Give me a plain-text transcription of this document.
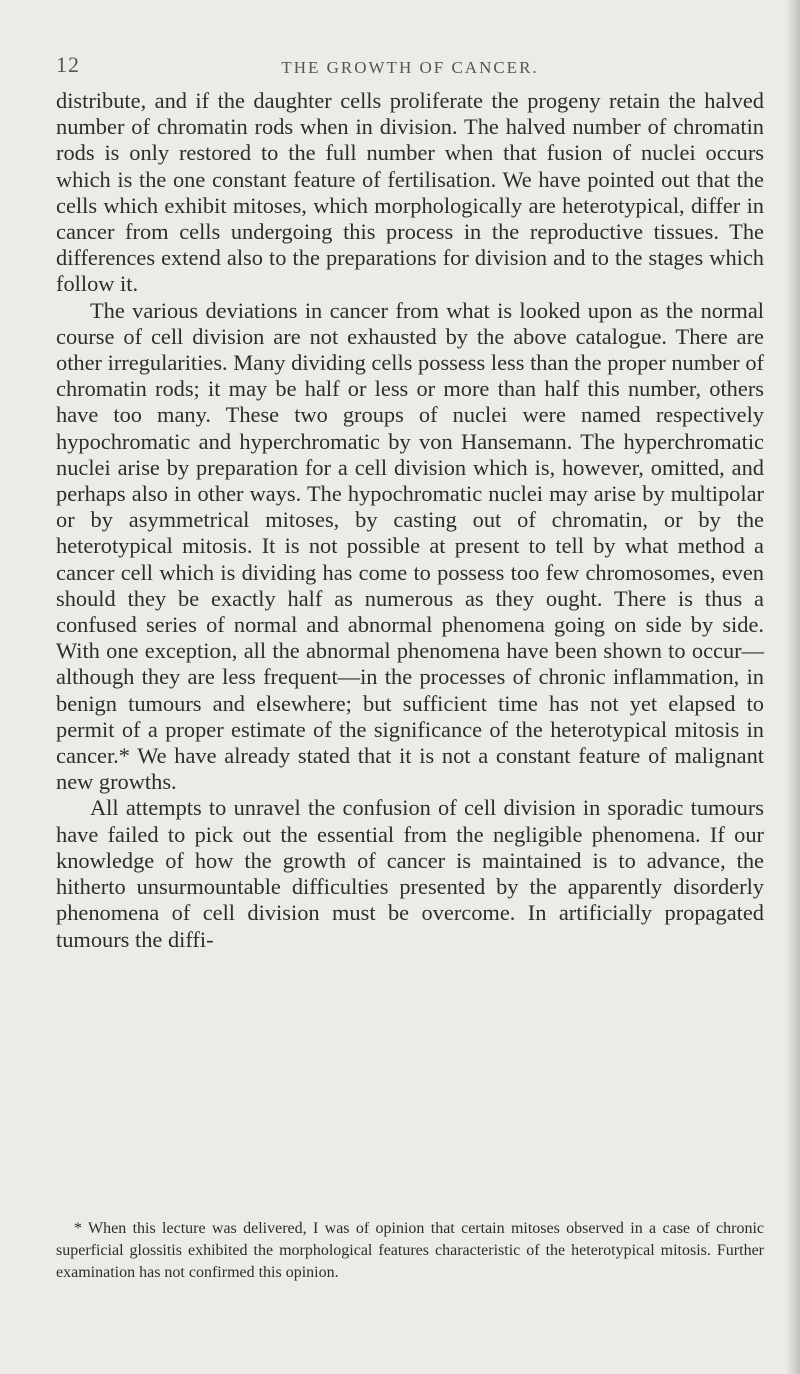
12	THE GROWTH OF CANCER.

distribute, and if the daughter cells proliferate the progeny retain the halved number of chromatin rods when in division. The halved number of chromatin rods is only restored to the full number when that fusion of nuclei occurs which is the one constant feature of fertilisation. We have pointed out that the cells which exhibit mitoses, which morphologically are heterotypical, differ in cancer from cells undergoing this process in the reproductive tissues. The differences extend also to the preparations for division and to the stages which follow it.

The various deviations in cancer from what is looked upon as the normal course of cell division are not exhausted by the above catalogue. There are other irregularities. Many dividing cells possess less than the proper number of chromatin rods; it may be half or less or more than half this number, others have too many. These two groups of nuclei were named respectively hypochromatic and hyperchromatic by von Hansemann. The hyperchromatic nuclei arise by preparation for a cell division which is, however, omitted, and perhaps also in other ways. The hypochromatic nuclei may arise by multipolar or by asymmetrical mitoses, by casting out of chromatin, or by the heterotypical mitosis. It is not possible at present to tell by what method a cancer cell which is dividing has come to possess too few chromosomes, even should they be exactly half as numerous as they ought. There is thus a confused series of normal and abnormal phenomena going on side by side. With one exception, all the abnormal phenomena have been shown to occur—although they are less frequent—in the processes of chronic inflammation, in benign tumours and elsewhere; but sufficient time has not yet elapsed to permit of a proper estimate of the significance of the heterotypical mitosis in cancer.* We have already stated that it is not a constant feature of malignant new growths.

All attempts to unravel the confusion of cell division in sporadic tumours have failed to pick out the essential from the negligible phenomena. If our knowledge of how the growth of cancer is maintained is to advance, the hitherto unsurmountable difficulties presented by the apparently disorderly phenomena of cell division must be overcome. In artificially propagated tumours the diffi-

* When this lecture was delivered, I was of opinion that certain mitoses observed in a case of chronic superficial glossitis exhibited the morphological features characteristic of the heterotypical mitosis. Further examination has not confirmed this opinion.
